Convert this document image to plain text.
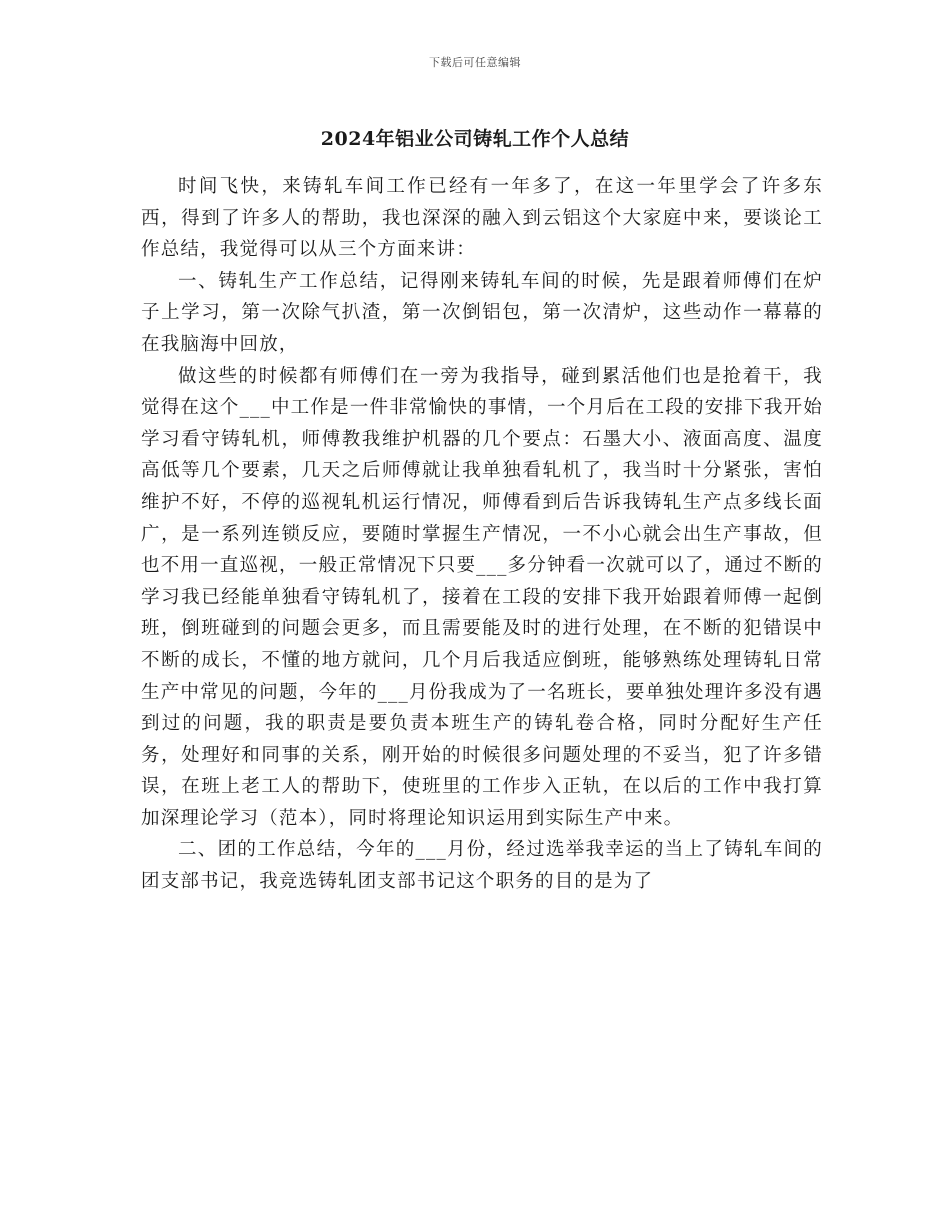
下载后可任意编辑
2024年铝业公司铸轧工作个人总结

时间飞快，来铸轧车间工作已经有一年多了，在这一年里学会了许多东西，得到了许多人的帮助，我也深深的融入到云铝这个大家庭中来，要谈论工作总结，我觉得可以从三个方面来讲：

一、铸轧生产工作总结，记得刚来铸轧车间的时候，先是跟着师傅们在炉子上学习，第一次除气扒渣，第一次倒铝包，第一次清炉，这些动作一幕幕的在我脑海中回放，

做这些的时候都有师傅们在一旁为我指导，碰到累活他们也是抢着干，我觉得在这个___中工作是一件非常愉快的事情，一个月后在工段的安排下我开始学习看守铸轧机，师傅教我维护机器的几个要点：石墨大小、液面高度、温度高低等几个要素，几天之后师傅就让我单独看轧机了，我当时十分紧张，害怕维护不好，不停的巡视轧机运行情况，师傅看到后告诉我铸轧生产点多线长面广，是一系列连锁反应，要随时掌握生产情况，一不小心就会出生产事故，但也不用一直巡视，一般正常情况下只要___多分钟看一次就可以了，通过不断的学习我已经能单独看守铸轧机了，接着在工段的安排下我开始跟着师傅一起倒班，倒班碰到的问题会更多，而且需要能及时的进行处理，在不断的犯错误中不断的成长，不懂的地方就问，几个月后我适应倒班，能够熟练处理铸轧日常生产中常见的问题，今年的___月份我成为了一名班长，要单独处理许多没有遇到过的问题，我的职责是要负责本班生产的铸轧卷合格，同时分配好生产任务，处理好和同事的关系，刚开始的时候很多问题处理的不妥当，犯了许多错误，在班上老工人的帮助下，使班里的工作步入正轨，在以后的工作中我打算加深理论学习（范本），同时将理论知识运用到实际生产中来。

二、团的工作总结，今年的___月份，经过选举我幸运的当上了铸轧车间的团支部书记，我竞选铸轧团支部书记这个职务的目的是为了
